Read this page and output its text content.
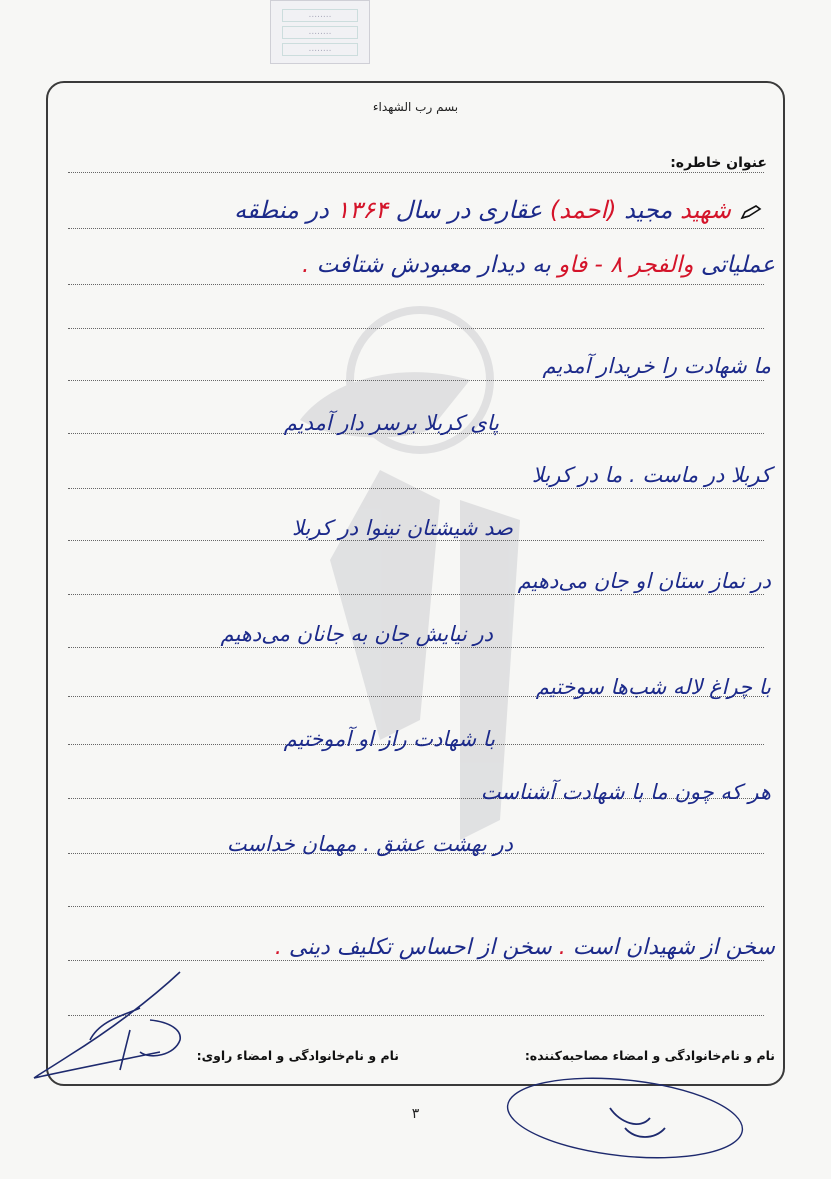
........
........
........
بسم رب الشهداء
عنوان خاطره:
شهید مجید (احمد) عقاری در سال ۱۳۶۴ در منطقه
عملیاتی والفجر ۸ - فاو به دیدار معبودش شتافت .
ما شهادت را خریدار آمدیم
پای کربلا برسر دار آمدیم
کربلا در ماست . ما در کربلا
صد شیشتان نینوا در کربلا
در نماز ستان او جان می‌دهیم
در نیایش جان به جانان می‌دهیم
با چراغ لاله شب‌ها سوختیم
با شهادت راز او آموختیم
هر که چون ما با شهادت آشناست
در بهشت عشق . مهمان خداست
سخن از شهیدان است . سخن از احساس تکلیف دینی .
نام و نام‌خانوادگی و امضاء مصاحبه‌کننده:
نام و نام‌خانوادگی و امضاء راوی:
۳
